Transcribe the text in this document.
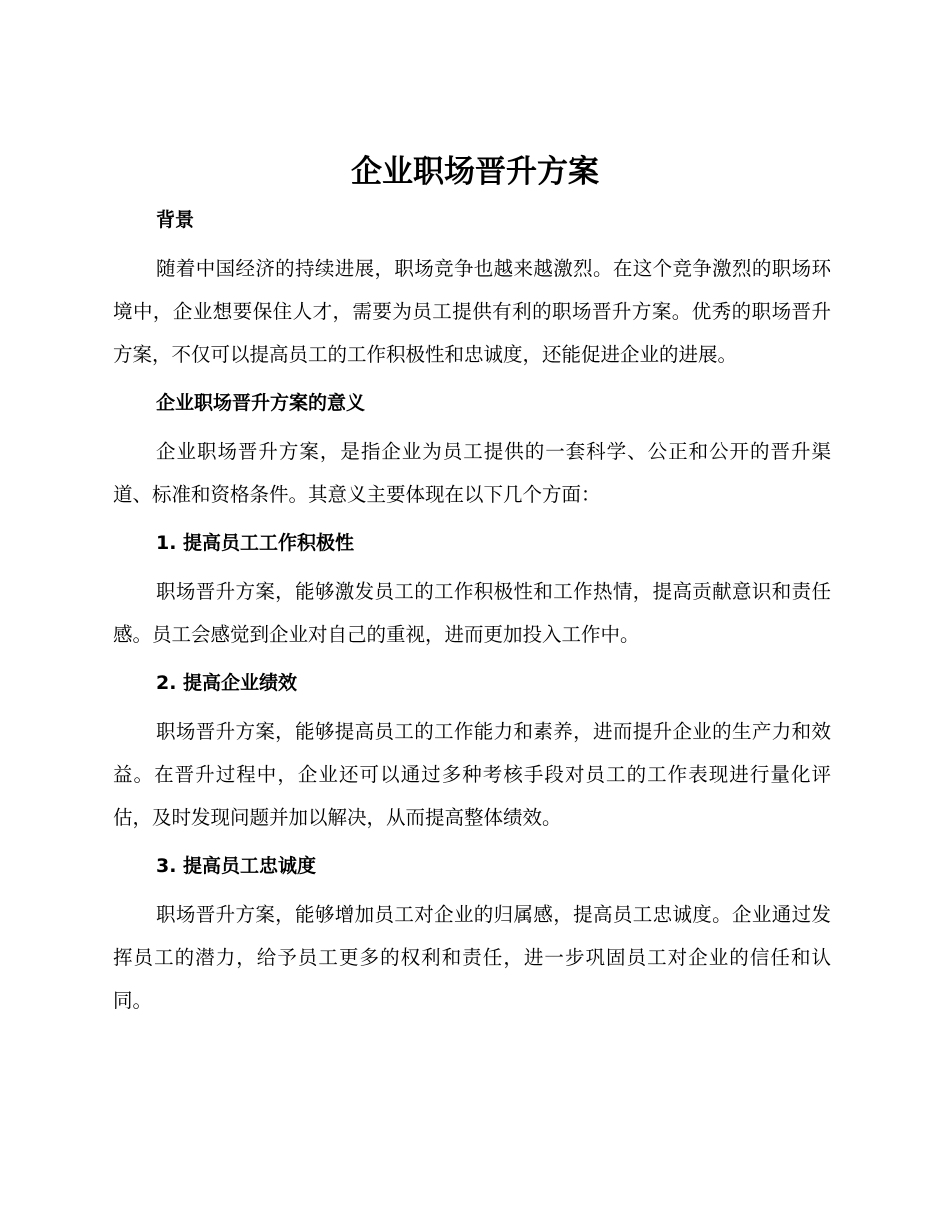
企业职场晋升方案
背景

随着中国经济的持续进展，职场竞争也越来越激烈。在这个竞争激烈的职场环境中，企业想要保住人才，需要为员工提供有利的职场晋升方案。优秀的职场晋升方案，不仅可以提高员工的工作积极性和忠诚度，还能促进企业的进展。

企业职场晋升方案的意义

企业职场晋升方案，是指企业为员工提供的一套科学、公正和公开的晋升渠道、标准和资格条件。其意义主要体现在以下几个方面：

1. 提高员工工作积极性

职场晋升方案，能够激发员工的工作积极性和工作热情，提高贡献意识和责任感。员工会感觉到企业对自己的重视，进而更加投入工作中。

2. 提高企业绩效

职场晋升方案，能够提高员工的工作能力和素养，进而提升企业的生产力和效益。在晋升过程中，企业还可以通过多种考核手段对员工的工作表现进行量化评估，及时发现问题并加以解决，从而提高整体绩效。

3. 提高员工忠诚度

职场晋升方案，能够增加员工对企业的归属感，提高员工忠诚度。企业通过发挥员工的潜力，给予员工更多的权利和责任，进一步巩固员工对企业的信任和认同。
